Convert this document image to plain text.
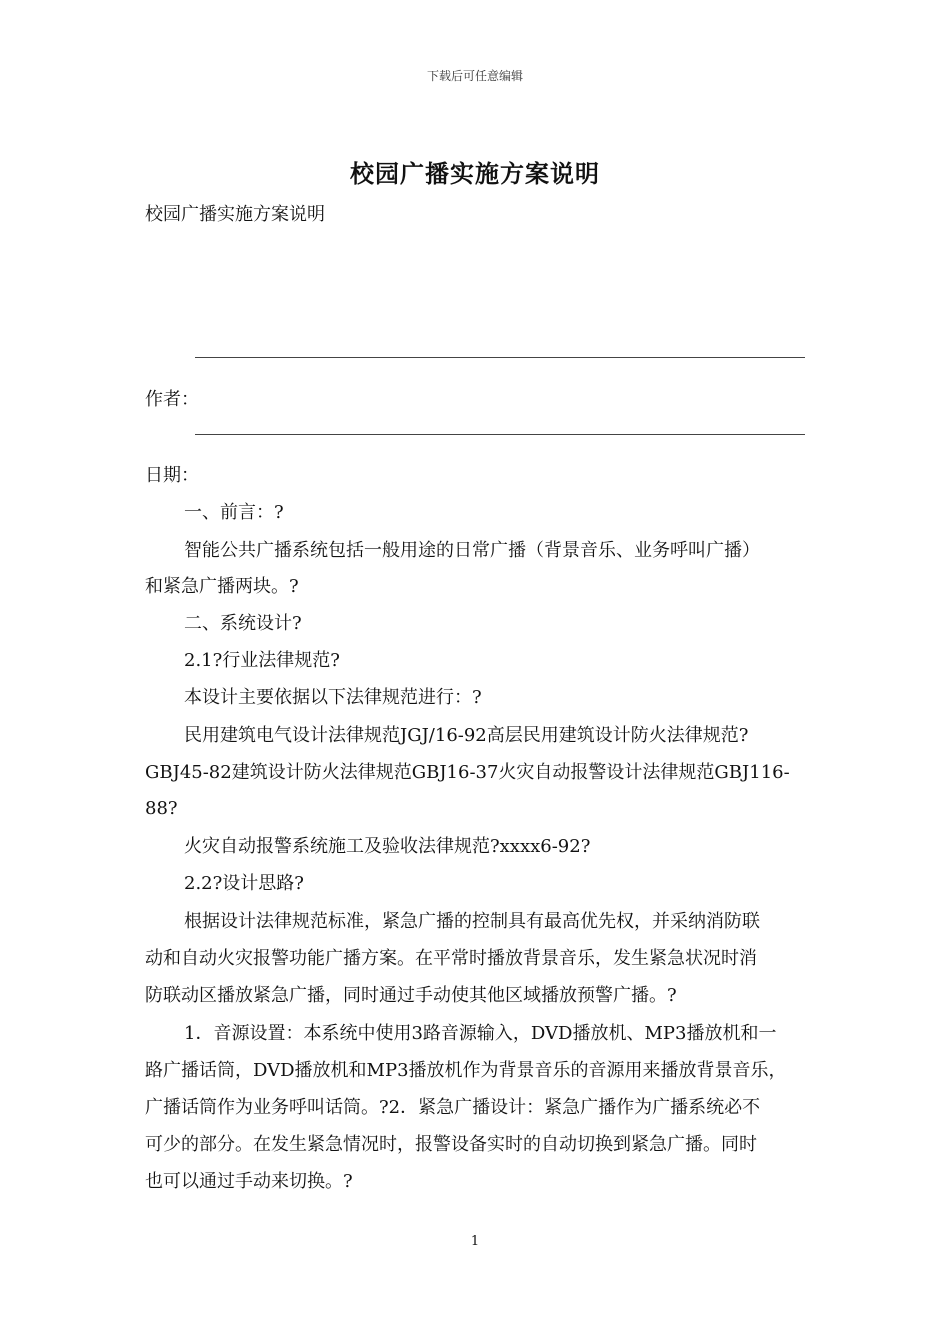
下载后可任意编辑
校园广播实施方案说明
校园广播实施方案说明
作者：
日期：
一、前言：?
智能公共广播系统包括一般用途的日常广播（背景音乐、业务呼叫广播）
和紧急广播两块。?
二、系统设计?
2.1?行业法律规范?
本设计主要依据以下法律规范进行：?
民用建筑电气设计法律规范JGJ/16-92高层民用建筑设计防火法律规范?
GBJ45-82建筑设计防火法律规范GBJ16-37火灾自动报警设计法律规范GBJ116-
88?
火灾自动报警系统施工及验收法律规范?xxxx6-92?
2.2?设计思路?
根据设计法律规范标准，紧急广播的控制具有最高优先权，并采纳消防联
动和自动火灾报警功能广播方案。在平常时播放背景音乐，发生紧急状况时消
防联动区播放紧急广播，同时通过手动使其他区域播放预警广播。?
1．音源设置：本系统中使用3路音源输入，DVD播放机、MP3播放机和一
路广播话筒，DVD播放机和MP3播放机作为背景音乐的音源用来播放背景音乐，
广播话筒作为业务呼叫话筒。?2．紧急广播设计：紧急广播作为广播系统必不
可少的部分。在发生紧急情况时，报警设备实时的自动切换到紧急广播。同时
也可以通过手动来切换。?
1
